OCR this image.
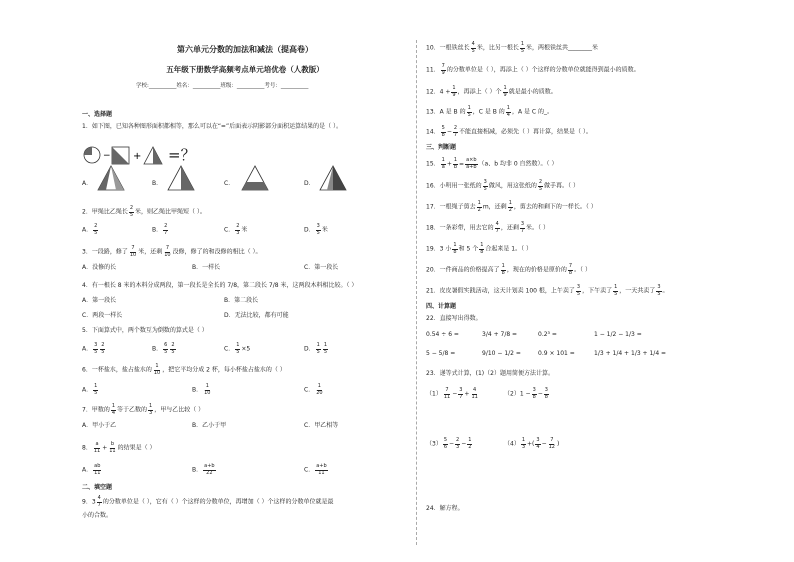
第六单元分数的加法和减法（提高卷）
五年级下册数学高频考点单元培优卷（人教版）
学校:__________姓名：__________班级：__________考号：__________
一、选择题
1．如下图，已知各种图形面积都相等，那么可以在“=”后面表示阴影部分面积运算结果的是（ ）。
− + =？
A．	B．	C．	D．
2．甲绳比乙绳长 $\frac{2}{5}$ 米，则乙绳比甲绳短（ ）。
A． $\frac{2}{5}$	B． $\frac{2}{7}$	C． $\frac{2}{3}$ 米	D． $\frac{3}{5}$ 米
3．一段路，修了 $\frac{7}{10}$ 米，还剩 $\frac{7}{10}$ 没修，修了的和没修的相比（ ）。
A．没修的长	B．一样长	C．第一段长
4．有一根长 8 米的木料分成两段，第一段长是全长的 7/8，第二段长 7/8 米，这两段木料相比较。（ ）
A．第一段长	B．第二段长
C．两段一样长	D．无法比较，都有可能
5．下面算式中，两个数互为倒数的算式是（ ）
A． $\frac{3}{5} \frac{2}{5}$	B． $\frac{6}{5} \frac{2}{5}$	C． $\frac{1}{5} \times 5$	D． $\frac{1}{5} \frac{1}{5}$
6．一杯盐水，盐占盐水的 $\frac{1}{10}$ ，把它平均分成 2 杯，每小杯盐占盐水的（ ）
A． $\frac{1}{5}$	B． $\frac{1}{10}$	C． $\frac{1}{20}$
7．甲数的 $\frac{1}{4}$ 等于乙数的 $\frac{1}{3}$ ，甲与乙比较（ ）
A．甲小于乙	B．乙小于甲	C．甲乙相等
8． $\frac{a}{11} + \frac{b}{11}$ 的结果是（ ）
A． $\frac{ab}{11}$	B． $\frac{a+b}{22}$	C． $\frac{a+b}{11}$
二、填空题
9．$3 \frac{4}{7}$ 的分数单位是（ ），它有（ ）个这样的分数单位，再增加（ ）个这样的分数单位就是最
小的合数。
10．一根铁丝长 $\frac{4}{5}$ 米，比另一根长 $\frac{1}{5}$ 米，两根铁丝共________米
11． $\frac{7}{9}$ 的分数单位是（ ），再添上（ ）个这样的分数单位就能得到最小的质数。
12．$4 + \frac{1}{9}$ ，再添上（ ）个 $\frac{1}{9}$ 就是最小的质数。
13．A 是 B 的 $\frac{1}{5}$ ，C 是 B 的 $\frac{1}{4}$ ，A 是 C 的_。
14． $\frac{5}{8} - \frac{2}{7}$ 不能直接相减，必须先（ ）再计算，结果是（ ）。
三、判断题
15． $\frac{1}{a} + \frac{1}{b} = \frac{a\times b}{a+b} (a$、b 均非 0 自然数）。（ ）
16．小明用一张纸的 $\frac{3}{5}$ 做风，用这张纸的 $\frac{2}{5}$ 做手再。（ ）
17．一根绳子剪去 $\frac{1}{2}$ m，还剩 $\frac{1}{2}$ ，剪去的和剩下的一样长。（ ）
18．一条彩带，用去它的 $\frac{4}{7}$ ，还剩 $\frac{3}{7}$ 米。（ ）
19．3 小 $\frac{1}{8}$ 和 5 个 $\frac{1}{8}$ 合起来是 1。（ ）
20．一件商品的价格提高了 $\frac{1}{8}$ ，现在的价格是原价的 $\frac{7}{8}$ 。（ ）
21．皮皮暑假实践活动，这天计划卖 100 根，上午卖了 $\frac{3}{5}$ ，下午卖了 $\frac{1}{5}$ ，一天共卖了 $\frac{3}{5}$ 。
四、计算题
22．直接写出得数。
0.54 ÷ 6 =	3/4 + 7/8 =	0.2³ =	1 − 1/2 − 1/3 =
5 − 5/8 =	9/10 − 1/2 =	0.9 × 101 =	1/3 + 1/4 + 1/3 + 1/4 =
23．递等式计算，(1)（2）题用简便方法计算。
$(1) \frac{7}{11} - \frac{3}{7} + \frac{4}{11}$	$(2)1 - \frac{3}{8} - \frac{3}{8}$
$(3) \frac{5}{6} - \frac{2}{3} - \frac{1}{2}$	$(4) \frac{1}{3}$ +( $\frac{3}{4} - \frac{7}{12}$ )
24．解方程。
